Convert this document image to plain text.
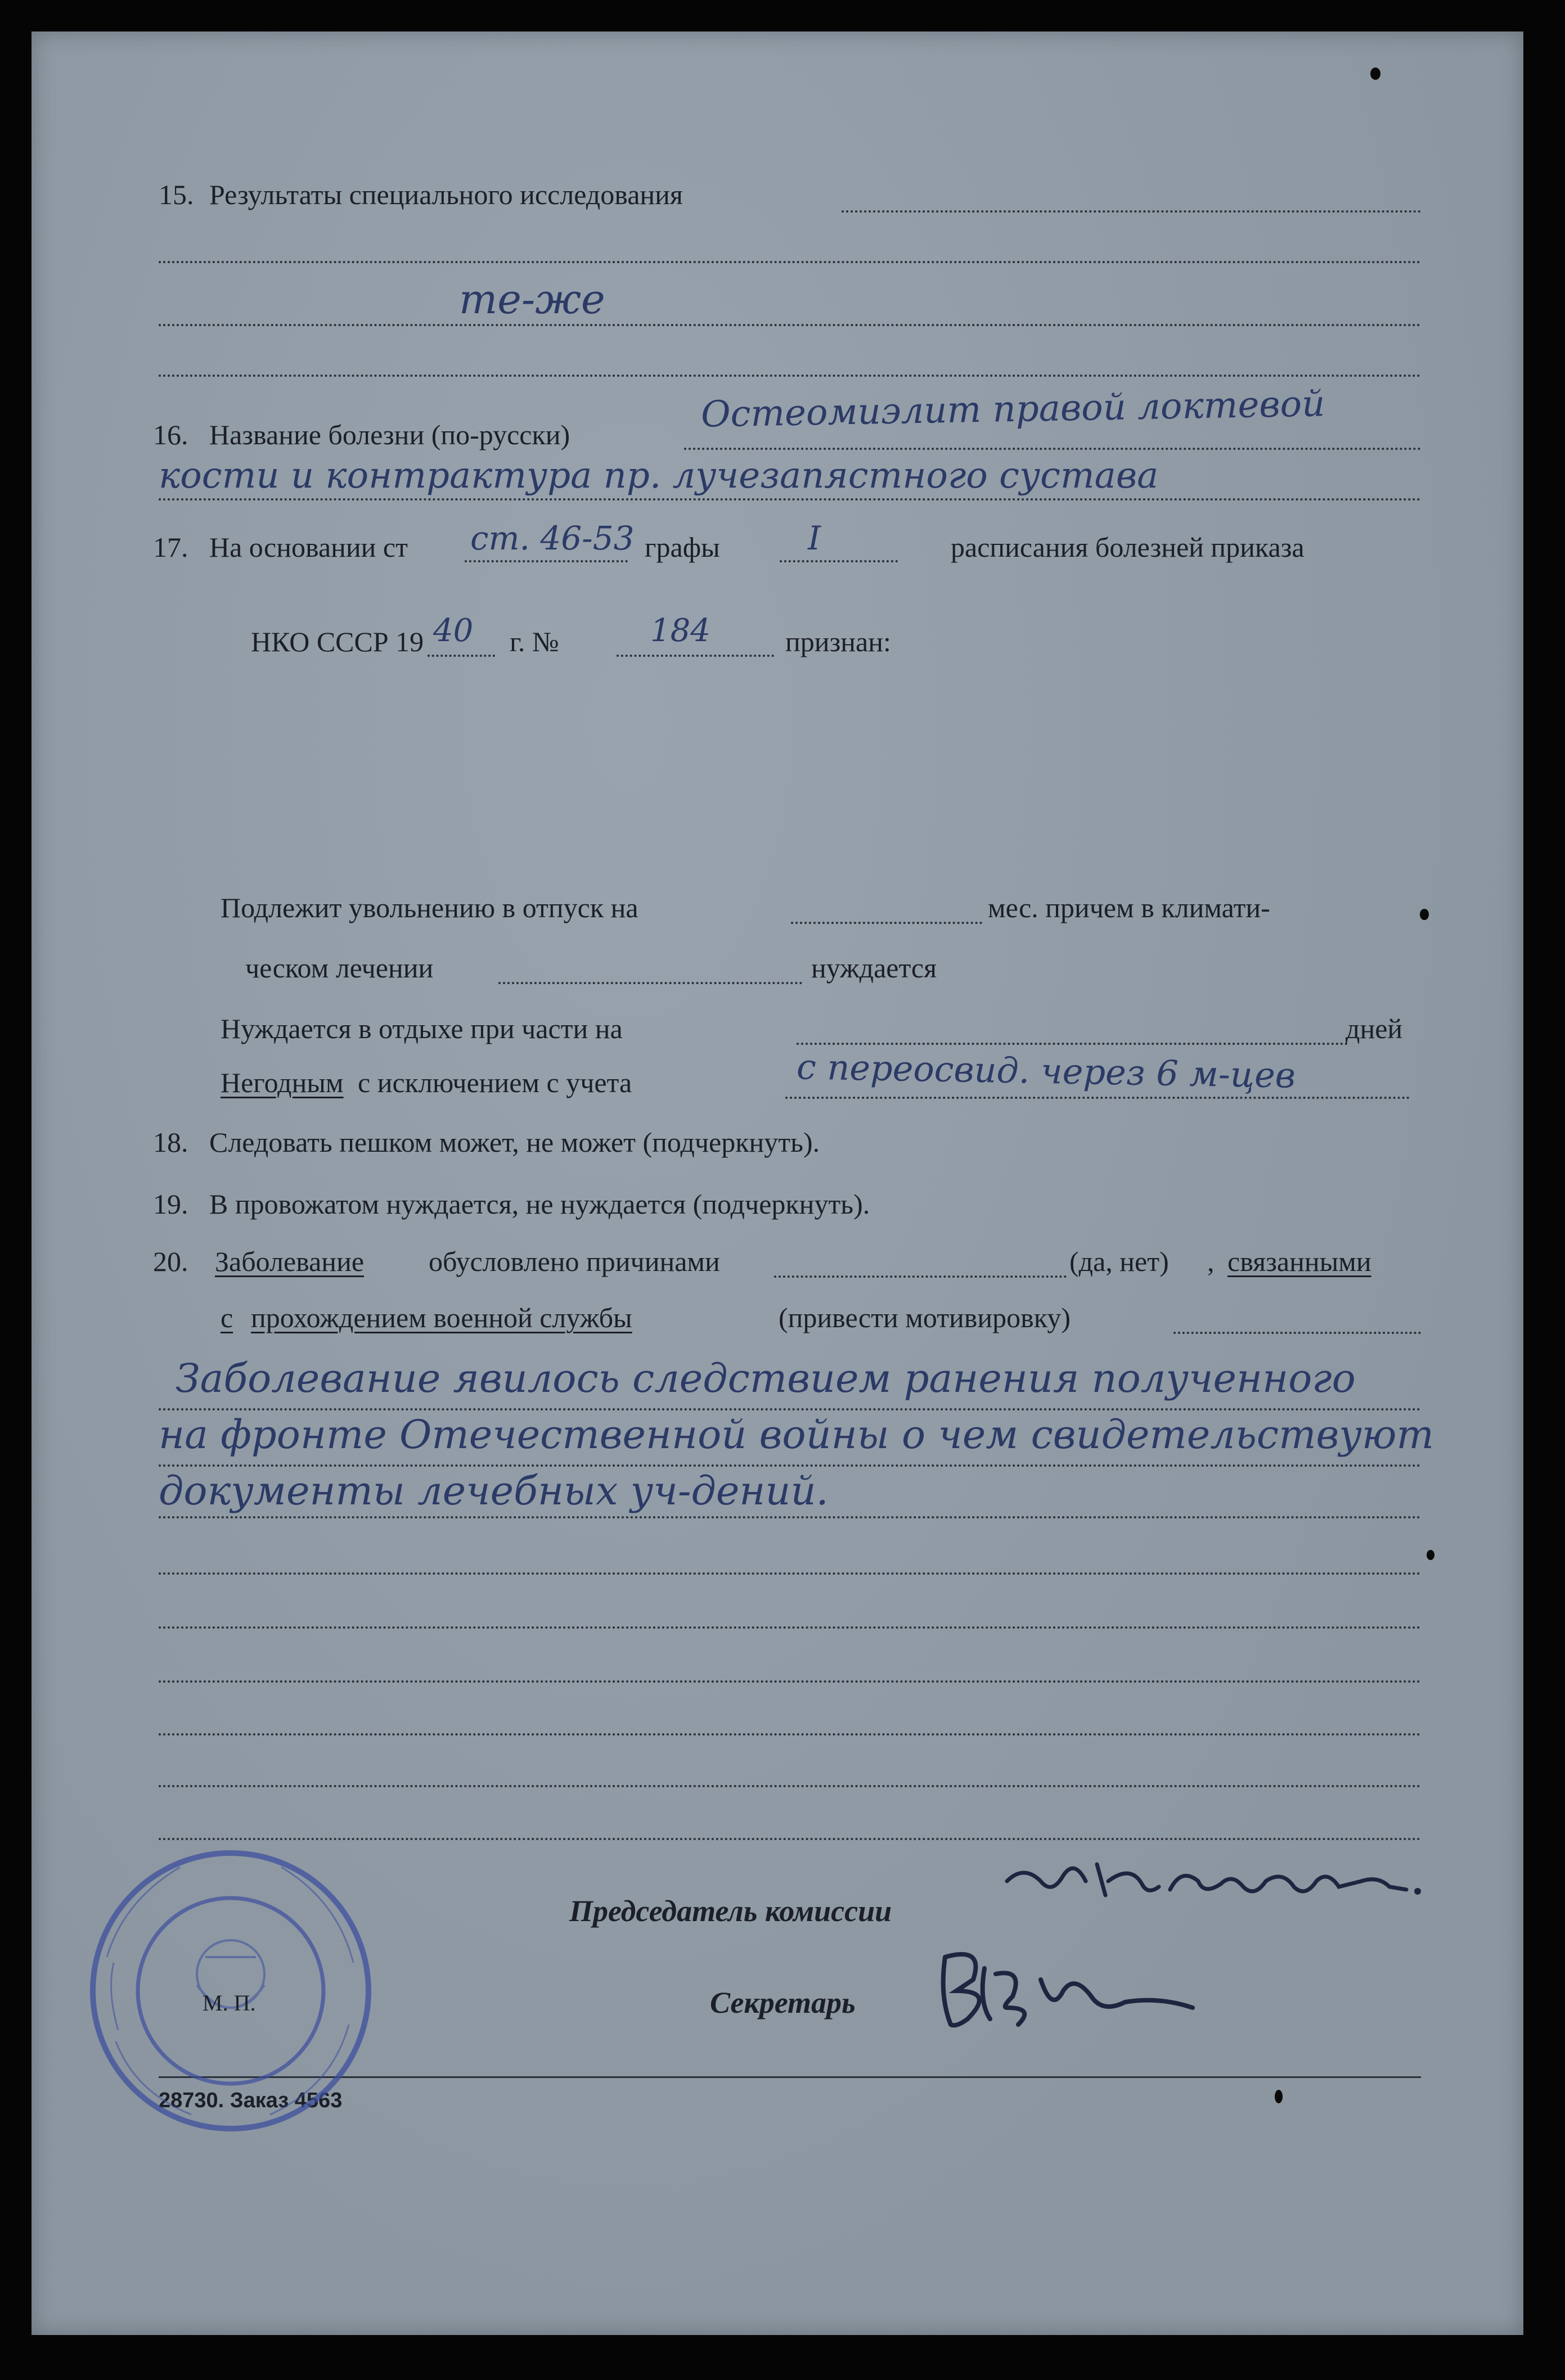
15. Результаты специального исследования
те-же
16. Название болезни (по-русски)	Остеомиэлит правой локтевой
кости и контрактура пр. лучезапястного сустава
17. На основании ст ст. 46-53 графы	I	расписания болезней приказа
НКО СССР 19 40 г. №	184	признан:
Подлежит увольнению в отпуск на	мес. причем в климати-
ческом лечении	нуждается
Нуждается в отдыхе при части на	дней
Негодным с исключением с учета	с переосвид. через 6 м-цев
18. Следовать пешком может, не может (подчеркнуть).
19. В провожатом нуждается, не нуждается (подчеркнуть).
20. Заболевание обусловлено причинами	(да, нет) , связанными
с прохождением военной службы	(привести мотивировку)
Заболевание явилось следствием ранения полученного
на фронте Отечественной войны о чем свидетельствуют
документы лечебных уч-дений.
Председатель комиссии
Секретарь
28730. Заказ 4563
М. П.
